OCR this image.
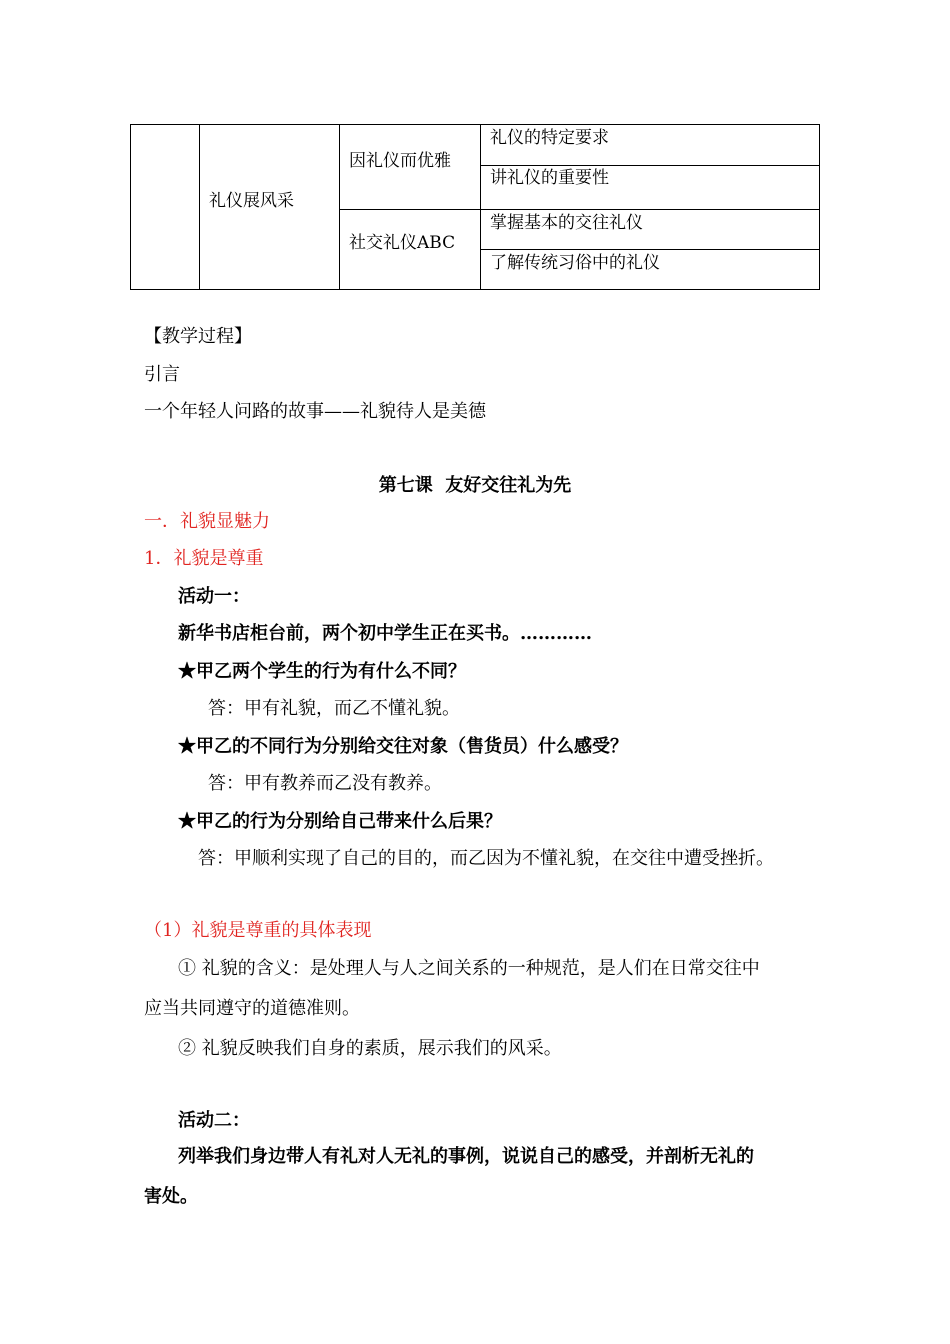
礼仪展风采
因礼仪而优雅
社交礼仪ABC
礼仪的特定要求
讲礼仪的重要性
掌握基本的交往礼仪
了解传统习俗中的礼仪
【教学过程】
引言
一个年轻人问路的故事——礼貌待人是美德
第七课  友好交往礼为先
一．礼貌显魅力
1．礼貌是尊重
活动一：
新华书店柜台前，两个初中学生正在买书。…………
★甲乙两个学生的行为有什么不同？
答：甲有礼貌，而乙不懂礼貌。
★甲乙的不同行为分别给交往对象（售货员）什么感受？
答：甲有教养而乙没有教养。
★甲乙的行为分别给自己带来什么后果？
答：甲顺利实现了自己的目的，而乙因为不懂礼貌，在交往中遭受挫折。
（1）礼貌是尊重的具体表现
① 礼貌的含义：是处理人与人之间关系的一种规范，是人们在日常交往中
应当共同遵守的道德准则。
② 礼貌反映我们自身的素质，展示我们的风采。
活动二：
列举我们身边带人有礼对人无礼的事例，说说自己的感受，并剖析无礼的
害处。
